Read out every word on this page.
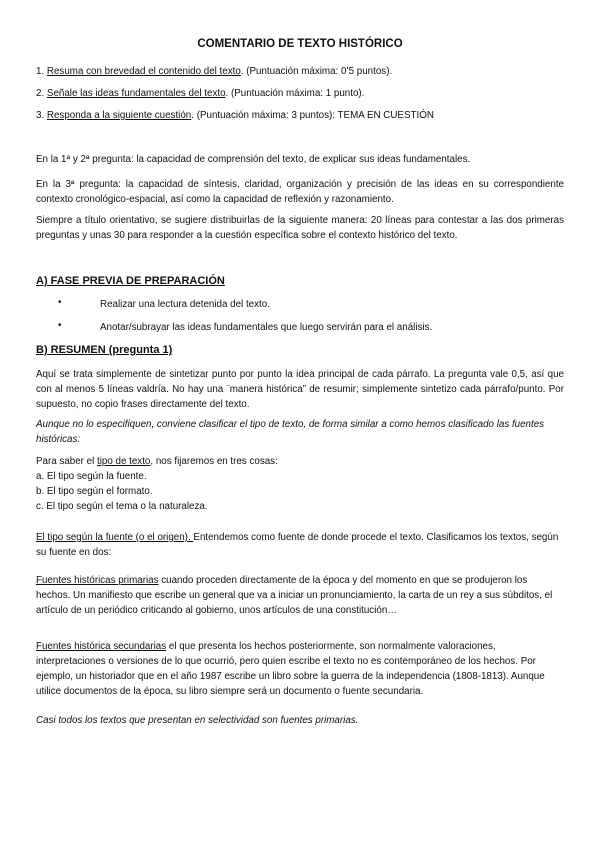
COMENTARIO DE TEXTO HISTÓRICO

1. Resuma con brevedad el contenido del texto. (Puntuación máxima: 0’5 puntos).

2. Señale las ideas fundamentales del texto. (Puntuación máxima: 1 punto).

3. Responda a la siguiente cuestión. (Puntuación máxima: 3 puntos): TEMA EN CUESTIÓN

En la 1ª y 2ª pregunta: la capacidad de comprensión del texto, de explicar sus ideas fundamentales.

En la 3ª pregunta: la capacidad de síntesis, claridad, organización y precisión de las ideas en su correspondiente contexto cronológico-espacial, así como la capacidad de reflexión y razonamiento.

Siempre a título orientativo, se sugiere distribuirlas de la siguiente manera: 20 líneas para contestar a las dos primeras preguntas y unas 30 para responder a la cuestión específica sobre el contexto histórico del texto.

A) FASE PREVIA DE PREPARACIÓN
•	Realizar una lectura detenida del texto.

•	Anotar/subrayar las ideas fundamentales que luego servirán para el análisis.

B) RESUMEN (pregunta 1)

Aquí se trata simplemente de sintetizar punto por punto la idea principal de cada párrafo. La pregunta vale 0,5, así que con al menos 5 líneas valdría. No hay una ¨manera histórica” de resumir; simplemente sintetizo cada párrafo/punto. Por supuesto, no copio frases directamente del texto.

Aunque no lo especifiquen, conviene clasificar el tipo de texto, de forma similar a como hemos clasificado las fuentes históricas:

Para saber el tipo de texto, nos fijaremos en tres cosas:

a. El tipo según la fuente.

b. El tipo según el formato.

c. El tipo según el tema o la naturaleza.

El tipo según la fuente (o el origen). Entendemos como fuente de donde procede el texto. Clasificamos los textos, según su fuente en dos:

Fuentes históricas primarias cuando proceden directamente de la época y del momento en que se produjeron los hechos. Un manifiesto que escribe un general que va a iniciar un pronunciamiento, la carta de un rey a sus súbditos, el artículo de un periódico criticando al gobierno, unos artículos de una constitución…

Fuentes histórica secundarias el que presenta los hechos posteriormente, son normalmente valoraciones, interpretaciones o versiones de lo que ocurrió, pero quien escribe el texto no es contemporáneo de los hechos. Por ejemplo, un historiador que en el año 1987 escribe un libro sobre la guerra de la independencia (1808-1813). Aunque utilice documentos de la época, su libro siempre será un documento o fuente secundaria.

Casi todos los textos que presentan en selectividad son fuentes primarias.
